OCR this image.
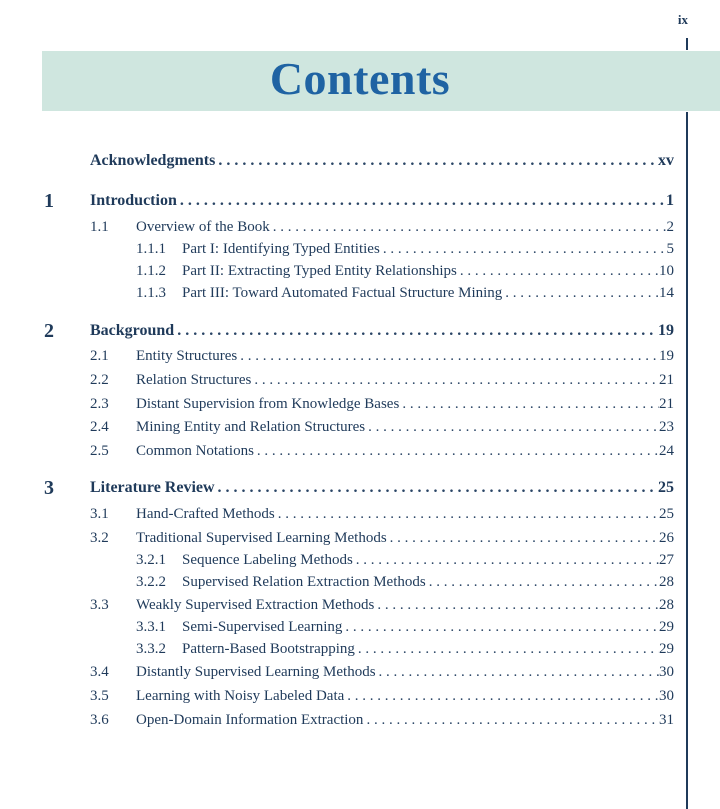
ix
Contents
Acknowledgments . . .	xv
1 Introduction . . .	1
1.1 Overview of the Book . . .	2
1.1.1 Part I: Identifying Typed Entities . . .	5
1.1.2 Part II: Extracting Typed Entity Relationships . . .	10
1.1.3 Part III: Toward Automated Factual Structure Mining . . .	14
2 Background . . .	19
2.1 Entity Structures . . .	19
2.2 Relation Structures . . .	21
2.3 Distant Supervision from Knowledge Bases . . .	21
2.4 Mining Entity and Relation Structures . . .	23
2.5 Common Notations . . .	24
3 Literature Review . . .	25
3.1 Hand-Crafted Methods . . .	25
3.2 Traditional Supervised Learning Methods . . .	26
3.2.1 Sequence Labeling Methods . . .	27
3.2.2 Supervised Relation Extraction Methods . . .	28
3.3 Weakly Supervised Extraction Methods . . .	28
3.3.1 Semi-Supervised Learning . . .	29
3.3.2 Pattern-Based Bootstrapping . . .	29
3.4 Distantly Supervised Learning Methods . . .	30
3.5 Learning with Noisy Labeled Data . . .	30
3.6 Open-Domain Information Extraction . . .	31
